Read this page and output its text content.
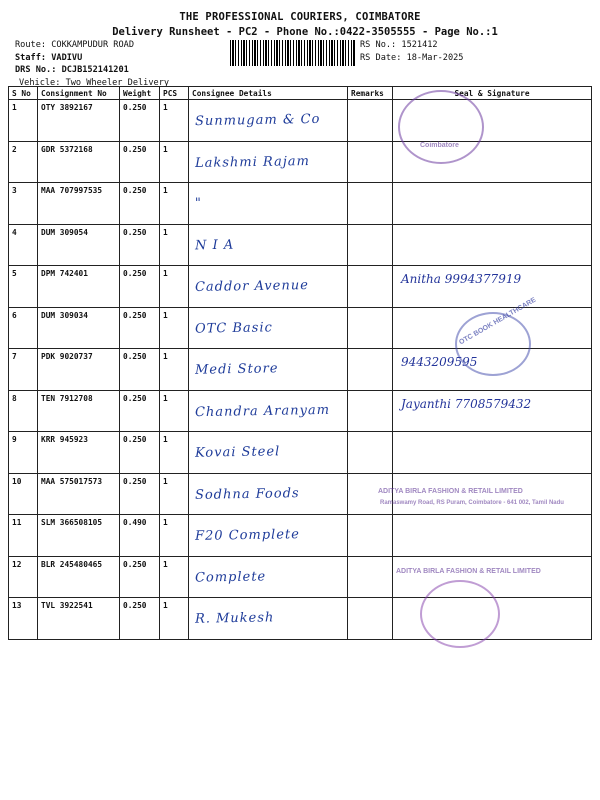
THE PROFESSIONAL COURIERS, COIMBATORE
Delivery Runsheet - PC2 - Phone No.:0422-3505555 - Page No.:1
Route: COKKAMPUDUR ROAD
Staff: VADIVU
DRS No.: DCJB152141201
Vehicle: Two Wheeler Delivery
RS No.: 1521412
RS Date: 18-Mar-2025
S No	Consignment No	Weight	PCS	Consignee Details	Remarks	Seal & Signature
1	OTY 3892167	0.250	1	Sunmugam & Co		

2	GDR 5372168	0.250	1	Lakshmi Rajam		

3	MAA 707997535	0.250	1	"		

4	DUM 309054	0.250	1	N I A		

5	DPM 742401	0.250	1	Caddor Avenue		Anitha 9994377919

6	DUM 309034	0.250	1	OTC Basic		

7	PDK 9020737	0.250	1	Medi Store		9443209595

8	TEN 7912708	0.250	1	Chandra Aranyam		Jayanthi 7708579432

9	KRR 945923	0.250	1	Kovai Steel		

10	MAA 575017573	0.250	1	Sodhna Foods		

11	SLM 366508105	0.490	1	F20 Complete		

12	BLR 245480465	0.250	1	Complete		

13	TVL 3922541	0.250	1	R. Mukesh		

Coimbatore
OTC BOOK HEALTHCARE
ADITYA BIRLA FASHION & RETAIL LIMITED
Ramaswamy Road, RS Puram, Coimbatore - 641 002, Tamil Nadu
ADITYA BIRLA FASHION & RETAIL LIMITED
